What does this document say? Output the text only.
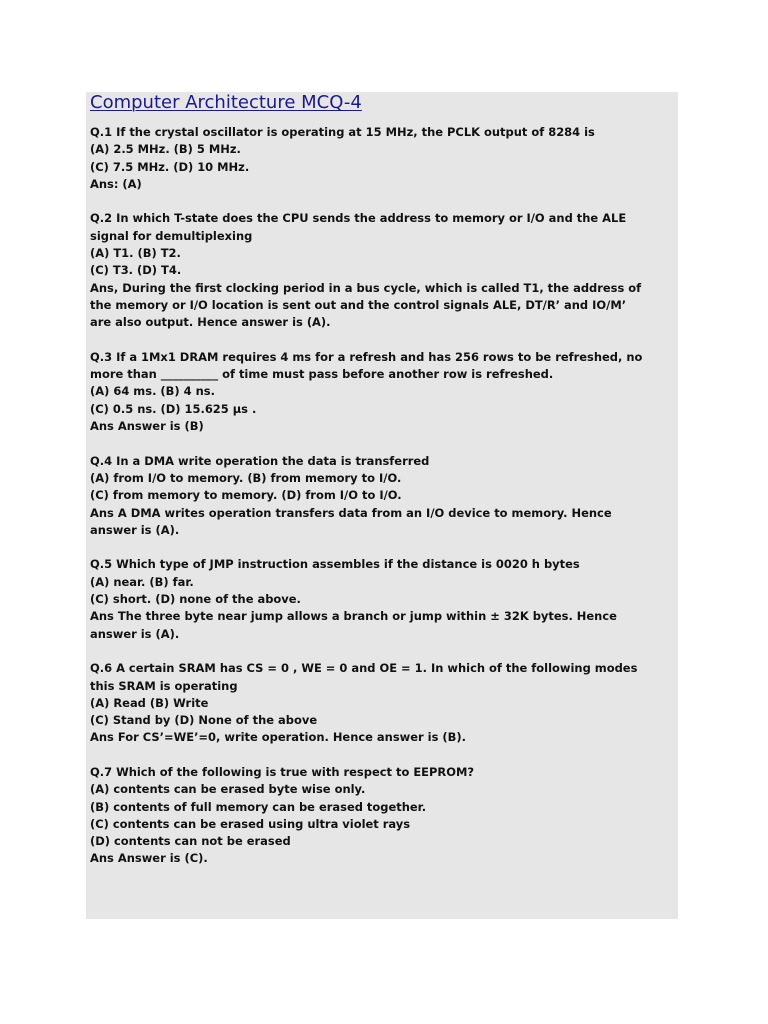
Computer Architecture MCQ-4
Q.1 If the crystal oscillator is operating at 15 MHz, the PCLK output of 8284 is
(A) 2.5 MHz. (B) 5 MHz.
(C) 7.5 MHz. (D) 10 MHz.
Ans: (A)
Q.2 In which T-state does the CPU sends the address to memory or I/O and the ALE
signal for demultiplexing
(A) T1. (B) T2.
(C) T3. (D) T4.
Ans, During the first clocking period in a bus cycle, which is called T1, the address of
the memory or I/O location is sent out and the control signals ALE, DT/R’ and IO/M’
are also output. Hence answer is (A).
Q.3 If a 1Mx1 DRAM requires 4 ms for a refresh and has 256 rows to be refreshed, no
more than __________ of time must pass before another row is refreshed.
(A) 64 ms. (B) 4 ns.
(C) 0.5 ns. (D) 15.625 μs .
Ans Answer is (B)
Q.4 In a DMA write operation the data is transferred
(A) from I/O to memory. (B) from memory to I/O.
(C) from memory to memory. (D) from I/O to I/O.
Ans A DMA writes operation transfers data from an I/O device to memory. Hence
answer is (A).
Q.5 Which type of JMP instruction assembles if the distance is 0020 h bytes
(A) near. (B) far.
(C) short. (D) none of the above.
Ans The three byte near jump allows a branch or jump within ± 32K bytes. Hence
answer is (A).
Q.6 A certain SRAM has CS = 0 , WE = 0 and OE = 1. In which of the following modes
this SRAM is operating
(A) Read (B) Write
(C) Stand by (D) None of the above
Ans For CS’=WE’=0, write operation. Hence answer is (B).
Q.7 Which of the following is true with respect to EEPROM?
(A) contents can be erased byte wise only.
(B) contents of full memory can be erased together.
(C) contents can be erased using ultra violet rays
(D) contents can not be erased
Ans Answer is (C).
